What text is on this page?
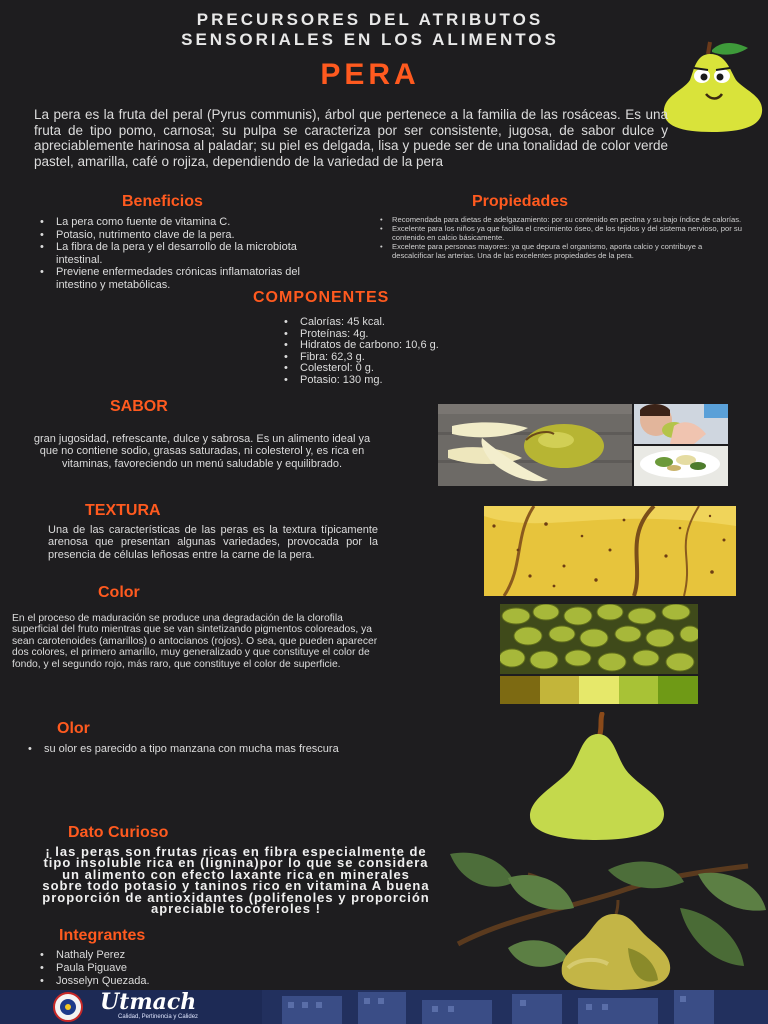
PRECURSORES DEL ATRIBUTOS
SENSORIALES EN LOS ALIMENTOS
PERA
La pera es la fruta del peral (Pyrus communis), árbol que pertenece a la familia de las rosáceas. Es una fruta de tipo pomo, carnosa; su pulpa se caracteriza por ser consistente, jugosa, de sabor dulce y apreciablemente harinosa al paladar; su piel es delgada, lisa y puede ser de una tonalidad de color verde pastel, amarilla, café o rojiza, dependiendo de la variedad de la pera
Beneficios
• La pera como fuente de vitamina C.
• Potasio, nutrimento clave de la pera.
• La fibra de la pera y el desarrollo de la microbiota intestinal.
• Previene enfermedades crónicas inflamatorias del intestino y metabólicas.
Propiedades
• Recomendada para dietas de adelgazamiento: por su contenido en pectina y su bajo índice de calorías.
• Excelente para los niños ya que facilita el crecimiento óseo, de los tejidos y del sistema nervioso, por su contenido en calcio básicamente.
• Excelente para personas mayores: ya que depura el organismo, aporta calcio y contribuye a descalcificar las arterias. Una de las excelentes propiedades de la pera.
COMPONENTES
• Calorías: 45 kcal.
• Proteínas: 4g.
• Hidratos de carbono: 10,6 g.
• Fibra: 62,3 g.
• Colesterol: 0 g.
• Potasio: 130 mg.
SABOR
gran jugosidad, refrescante, dulce y sabrosa. Es un alimento ideal ya que no contiene sodio, grasas saturadas, ni colesterol y, es rica en vitaminas, favoreciendo un menú saludable y equilibrado.
TEXTURA
Una de las características de las peras es la textura típicamente arenosa que presentan algunas variedades, provocada por la presencia de células leñosas entre la carne de la pera.
Color
En el proceso de maduración se produce una degradación de la clorofila superficial del fruto mientras que se van sintetizando pigmentos coloreados, ya sean carotenoides (amarillos) o antocianos (rojos). O sea, que pueden aparecer dos colores, el primero amarillo, muy generalizado y que constituye el color de fondo, y el segundo rojo, más raro, que constituye el color de superficie.
Olor
• su olor es parecido a tipo manzana con mucha mas frescura
Dato Curioso
¡ las peras son frutas ricas en fibra especialmente de tipo insoluble rica en (lignina)por lo que se considera un alimento con efecto laxante rica en minerales sobre todo potasio y taninos rico en vitamina A buena proporción de antioxidantes (polifenoles y proporción apreciable tocoferoles !
Integrantes
• Nathaly Perez
• Paula Piguave
• Josselyn Quezada.
Utmach
Calidad, Pertinencia y Calidez
